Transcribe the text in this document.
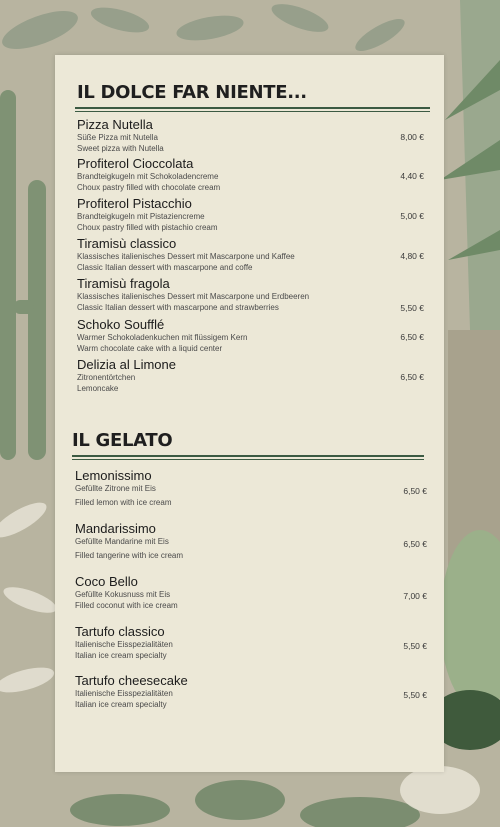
IL DOLCE FAR NIENTE...
Pizza Nutella
Süße Pizza mit Nutella
Sweet pizza with Nutella
8,00 €
Profiterol Cioccolata
Brandteigkugeln mit Schokoladencreme
Choux pastry filled with chocolate cream
4,40 €
Profiterol Pistacchio
Brandteigkugeln mit Pistaziencreme
Choux pastry filled with pistachio cream
5,00 €
Tiramisù classico
Klassisches italienisches Dessert mit Mascarpone und Kaffee
Classic Italian dessert with mascarpone and coffe
4,80 €
Tiramisù fragola
Klassisches italienisches Dessert mit Mascarpone und Erdbeeren
Classic Italian dessert with mascarpone and strawberries	5,50 €
Schoko Soufflé
Warmer Schokoladenkuchen mit flüssigem Kern
Warm chocolate cake with a liquid center
6,50 €
Delizia al Limone
Zitronentörtchen
Lemoncake
6,50 €
IL GELATO
Lemonissimo
Gefüllte Zitrone mit Eis
Filled lemon with ice cream
6,50 €
Mandarissimo
Gefüllte Mandarine mit Eis
Filled tangerine with ice cream
6,50 €
Coco Bello
Gefüllte Kokusnuss mit Eis
Filled coconut with ice cream
7,00 €
Tartufo classico
Italienische Eisspezialitäten
Italian ice cream specialty
5,50 €
Tartufo cheesecake
Italienische Eisspezialitäten
Italian ice cream specialty
5,50 €
